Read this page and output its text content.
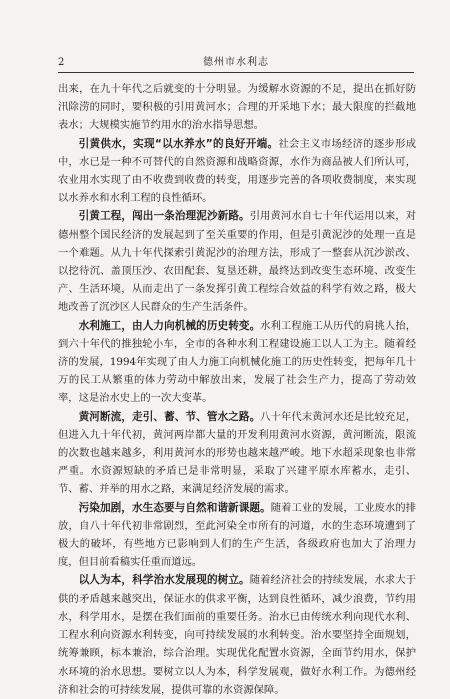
2	德州市水利志

出来，在九十年代之后就变的十分明显。为缓解水资源的不足，提出在抓好防汛除涝的同时，要积极的引用黄河水；合理的开采地下水；最大限度的拦截地表水；大规模实施节约用水的治水指导思想。

引黄供水，实现“以水养水”的良好开端。社会主义市场经济的逐步形成中，水已是一种不可替代的自然资源和战略资源，水作为商品被人们所认可，农业用水实现了由不收费到收费的转变，用逐步完善的各项收费制度，来实现以水养水和水利工程的良性循环。

引黄工程，闯出一条治理泥沙新路。引用黄河水自七十年代运用以来，对德州整个国民经济的发展起到了至关重要的作用，但是引黄泥沙的处理一直是一个难题。从九十年代探索引黄泥沙的治理方法，形成了一整套从沉沙淤改、以挖待沉、盖顶压沙、农田配套、复垦还耕，最终达到改变生态环境、改变生产、生活环境，从而走出了一条发挥引黄工程综合效益的科学有效之路，极大地改善了沉沙区人民群众的生产生活条件。

水利施工，由人力向机械的历史转变。水利工程施工从历代的肩挑人抬，到六十年代的推独轮小车，全市的各种水利工程建设施工以人工为主。随着经济的发展，1994年实现了由人力施工向机械化施工的历史性转变，把每年几十万的民工从繁重的体力劳动中解放出来，发展了社会生产力，提高了劳动效率，这是治水史上的一次大变革。

黄河断流，走引、蓄、节、管水之路。八十年代末黄河水还是比较充足，但进入九十年代初，黄河两岸都大量的开发利用黄河水资源，黄河断流，限流的次数也越来越多，利用黄河水的形势也越来越严峻。地下水超采现象也非常严重。水资源短缺的矛盾已是非常明显，采取了兴建平原水库蓄水，走引、节、蓄、并举的用水之路，来满足经济发展的需求。

污染加剧，水生态要与自然和谐新课题。随着工业的发展，工业废水的排放，自八十年代初非常剧烈，至此河染全市所有的河道，水的生态环境遭到了极大的破坏，有些地方已影响到人们的生产生活，各级政府也加大了治理力度，但目前看稿实任重而道远。

以人为本，科学治水发展现的树立。随着经济社会的持续发展，水求大于供的矛盾越来越突出，保证水的供求平衡，达到良性循环，减少浪费，节约用水，科学用水，是摆在我们面前的重要任务。治水已由传统水利向现代水利、工程水利向资源水利转变，向可持续发展的水利转变。治水要坚持全面规划，统筹兼顾，标本兼治，综合治理。实现优化配置水资源，全面节约用水，保护水环境的治水思想。要树立以人为本，科学发展观，做好水利工作。为德州经济和社会的可持续发展，提供可靠的水资源保障。
